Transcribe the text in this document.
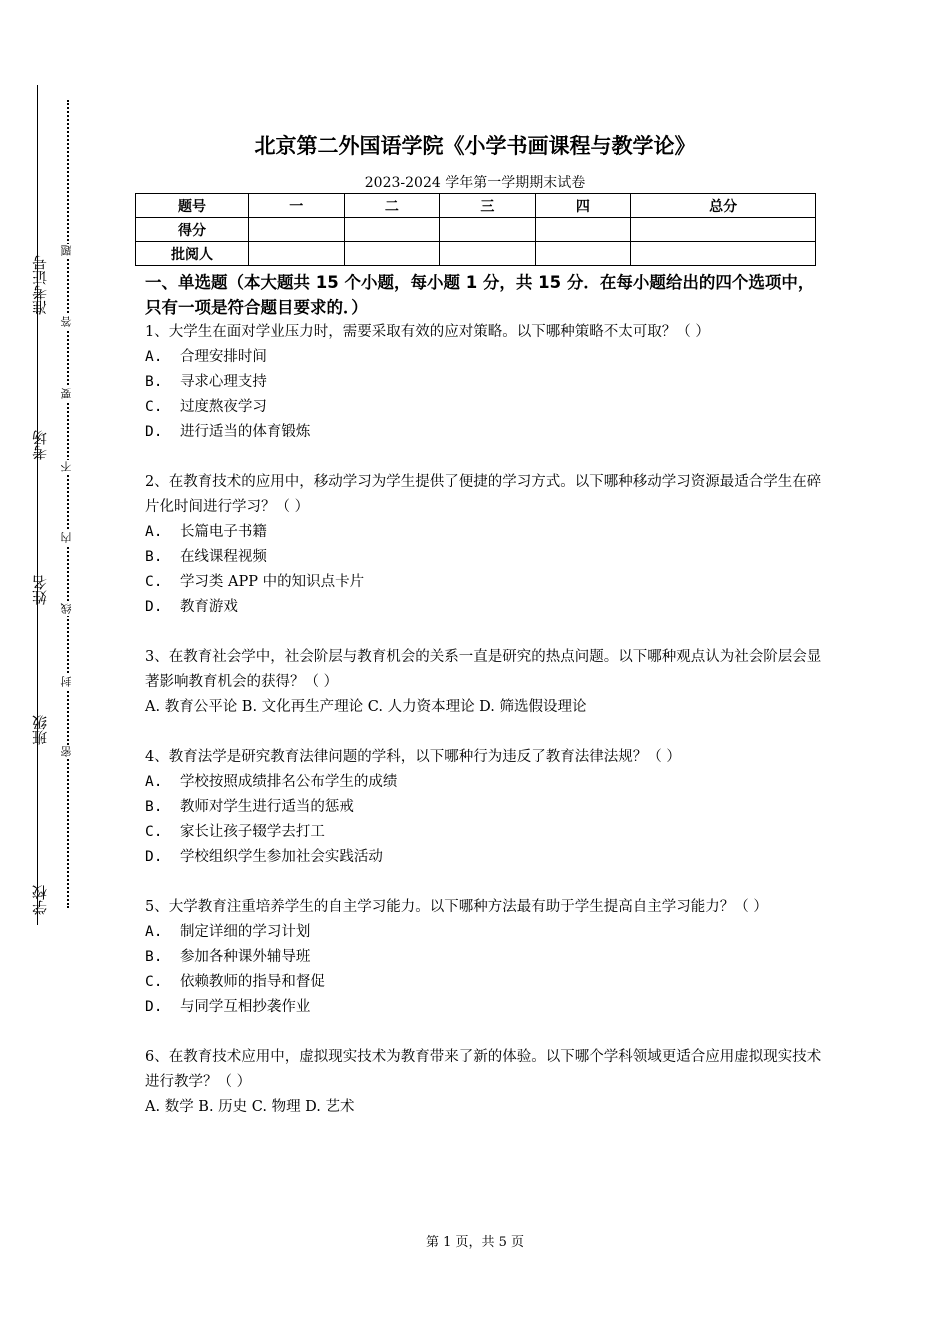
准考证号
考场
姓名
班级
学校
题
答
要
不
内
线
封
密
北京第二外国语学院《小学书画课程与教学论》
2023-2024 学年第一学期期末试卷
题号	一	二	三	四	总分
得分					
批阅人					
一、单选题（本大题共 15 个小题，每小题 1 分，共 15 分．在每小题给出的四个选项中，只有一项是符合题目要求的．）
1、大学生在面对学业压力时，需要采取有效的应对策略。以下哪种策略不太可取？（ ）
A. 合理安排时间
B. 寻求心理支持
C. 过度熬夜学习
D. 进行适当的体育锻炼
2、在教育技术的应用中，移动学习为学生提供了便捷的学习方式。以下哪种移动学习资源最适合学生在碎片化时间进行学习？（ ）
A. 长篇电子书籍
B. 在线课程视频
C. 学习类 APP 中的知识点卡片
D. 教育游戏
3、在教育社会学中，社会阶层与教育机会的关系一直是研究的热点问题。以下哪种观点认为社会阶层会显著影响教育机会的获得？（ ）
A. 教育公平论 B. 文化再生产理论 C. 人力资本理论 D. 筛选假设理论
4、教育法学是研究教育法律问题的学科，以下哪种行为违反了教育法律法规？（ ）
A. 学校按照成绩排名公布学生的成绩
B. 教师对学生进行适当的惩戒
C. 家长让孩子辍学去打工
D. 学校组织学生参加社会实践活动
5、大学教育注重培养学生的自主学习能力。以下哪种方法最有助于学生提高自主学习能力？（ ）
A. 制定详细的学习计划
B. 参加各种课外辅导班
C. 依赖教师的指导和督促
D. 与同学互相抄袭作业
6、在教育技术应用中，虚拟现实技术为教育带来了新的体验。以下哪个学科领域更适合应用虚拟现实技术进行教学？（ ）
A. 数学 B. 历史 C. 物理 D. 艺术
第 1 页，共 5 页
